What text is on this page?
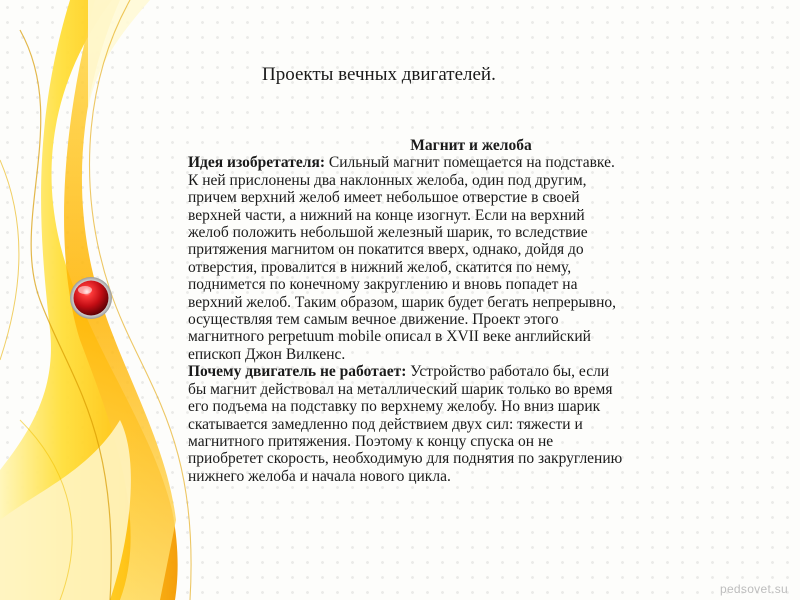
Проекты вечных двигателей.
Магнит и желоба
Идея изобретателя: Сильный магнит помещается на подставке.
К ней прислонены два наклонных желоба, один под другим,
причем верхний желоб имеет небольшое отверстие в своей
верхней части, а нижний на конце изогнут. Если на верхний
желоб положить небольшой железный шарик, то вследствие
притяжения магнитом он покатится вверх, однако, дойдя до
отверстия, провалится в нижний желоб, скатится по нему,
поднимется по конечному закруглению и вновь попадет на
верхний желоб. Таким образом, шарик будет бегать непрерывно,
осуществляя тем самым вечное движение. Проект этого
магнитного perpetuum mobile описал в XVII веке английский
епископ Джон Вилкенс.
Почему двигатель не работает: Устройство работало бы, если
бы магнит действовал на металлический шарик только во время
его подъема на подставку по верхнему желобу. Но вниз шарик
скатывается замедленно под действием двух сил: тяжести и
магнитного притяжения. Поэтому к концу спуска он не
приобретет скорость, необходимую для поднятия по закруглению
нижнего желоба и начала нового цикла.
pedsovet.su
